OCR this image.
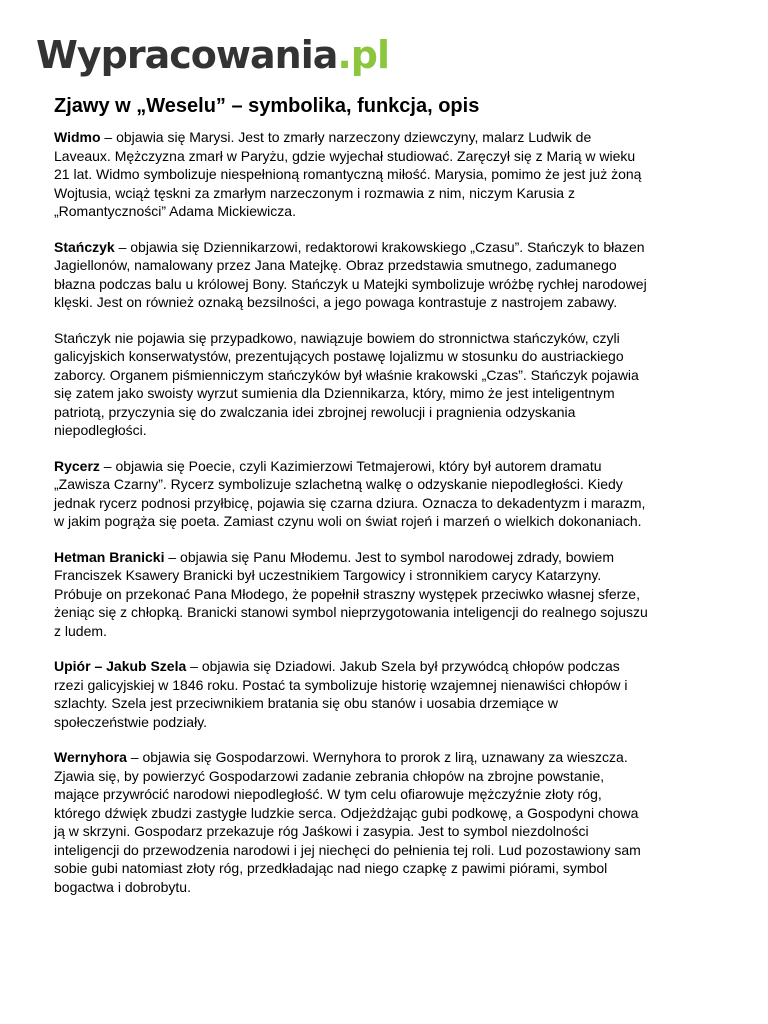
Wypracowania .pl
Zjawy w „Weselu” – symbolika, funkcja, opis

Widmo – objawia się Marysi. Jest to zmarły narzeczony dziewczyny, malarz Ludwik de
Laveaux. Mężczyzna zmarł w Paryżu, gdzie wyjechał studiować. Zaręczył się z Marią w wieku
21 lat. Widmo symbolizuje niespełnioną romantyczną miłość. Marysia, pomimo że jest już żoną
Wojtusia, wciąż tęskni za zmarłym narzeczonym i rozmawia z nim, niczym Karusia z
„Romantyczności” Adama Mickiewicza.

Stańczyk – objawia się Dziennikarzowi, redaktorowi krakowskiego „Czasu”. Stańczyk to błazen
Jagiellonów, namalowany przez Jana Matejkę. Obraz przedstawia smutnego, zadumanego
błazna podczas balu u królowej Bony. Stańczyk u Matejki symbolizuje wróżbę rychłej narodowej
klęski. Jest on również oznaką bezsilności, a jego powaga kontrastuje z nastrojem zabawy.

Stańczyk nie pojawia się przypadkowo, nawiązuje bowiem do stronnictwa stańczyków, czyli
galicyjskich konserwatystów, prezentujących postawę lojalizmu w stosunku do austriackiego
zaborcy. Organem piśmienniczym stańczyków był właśnie krakowski „Czas”. Stańczyk pojawia
się zatem jako swoisty wyrzut sumienia dla Dziennikarza, który, mimo że jest inteligentnym
patriotą, przyczynia się do zwalczania idei zbrojnej rewolucji i pragnienia odzyskania
niepodległości.

Rycerz – objawia się Poecie, czyli Kazimierzowi Tetmajerowi, który był autorem dramatu
„Zawisza Czarny”. Rycerz symbolizuje szlachetną walkę o odzyskanie niepodległości. Kiedy
jednak rycerz podnosi przyłbicę, pojawia się czarna dziura. Oznacza to dekadentyzm i marazm,
w jakim pogrąża się poeta. Zamiast czynu woli on świat rojeń i marzeń o wielkich dokonaniach.

Hetman Branicki – objawia się Panu Młodemu. Jest to symbol narodowej zdrady, bowiem
Franciszek Ksawery Branicki był uczestnikiem Targowicy i stronnikiem carycy Katarzyny.
Próbuje on przekonać Pana Młodego, że popełnił straszny występek przeciwko własnej sferze,
żeniąc się z chłopką. Branicki stanowi symbol nieprzygotowania inteligencji do realnego sojuszu
z ludem.

Upiór – Jakub Szela – objawia się Dziadowi. Jakub Szela był przywódcą chłopów podczas
rzezi galicyjskiej w 1846 roku. Postać ta symbolizuje historię wzajemnej nienawiści chłopów i
szlachty. Szela jest przeciwnikiem bratania się obu stanów i uosabia drzemiące w
społeczeństwie podziały.

Wernyhora – objawia się Gospodarzowi. Wernyhora to prorok z lirą, uznawany za wieszcza.
Zjawia się, by powierzyć Gospodarzowi zadanie zebrania chłopów na zbrojne powstanie,
mające przywrócić narodowi niepodległość. W tym celu ofiarowuje mężczyźnie złoty róg,
którego dźwięk zbudzi zastygłe ludzkie serca. Odjeżdżając gubi podkowę, a Gospodyni chowa
ją w skrzyni. Gospodarz przekazuje róg Jaśkowi i zasypia. Jest to symbol niezdolności
inteligencji do przewodzenia narodowi i jej niechęci do pełnienia tej roli. Lud pozostawiony sam
sobie gubi natomiast złoty róg, przedkładając nad niego czapkę z pawimi piórami, symbol
bogactwa i dobrobytu.
